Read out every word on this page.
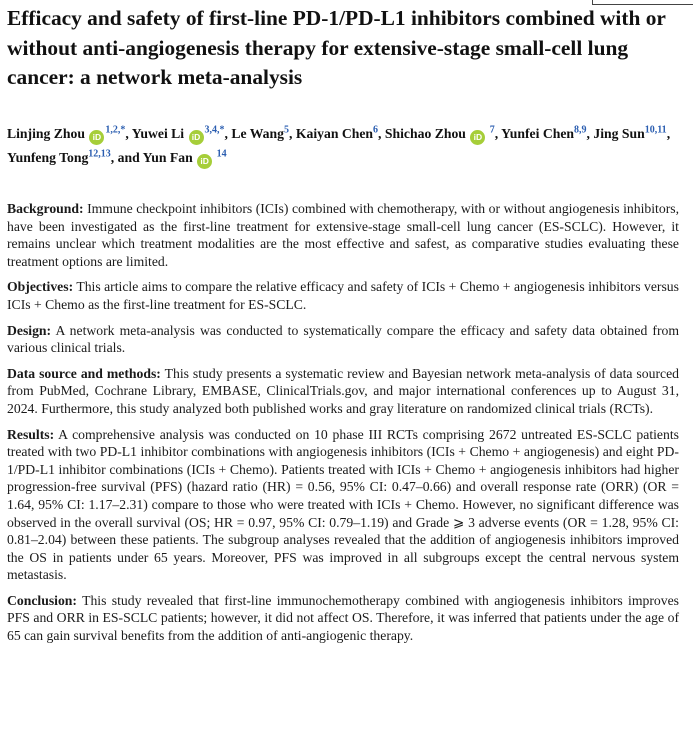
Efficacy and safety of first-line PD-1/PD-L1 inhibitors combined with or without anti-angiogenesis therapy for extensive-stage small-cell lung cancer: a network meta-analysis

Linjing Zhou $iD^{1,2,*}$, Yuwei Li $iD^{3,4,*}$, Le Wang$^5$, Kaiyan Chen$^6$, Shichao Zhou iD $^7$, Yunfei Chen$^{8,9}$, Jing Sun$^{10,11}$, Yunfeng Tong$^{12,13}$, and Yun Fan iD $^{14}$

Background: Immune checkpoint inhibitors (ICIs) combined with chemotherapy, with or without angiogenesis inhibitors, have been investigated as the first-line treatment for extensive-stage small-cell lung cancer (ES-SCLC). However, it remains unclear which treatment modalities are the most effective and safest, as comparative studies evaluating these treatment options are limited.

Objectives: This article aims to compare the relative efficacy and safety of ICIs + Chemo + angiogenesis inhibitors versus ICIs + Chemo as the first-line treatment for ES-SCLC.

Design: A network meta-analysis was conducted to systematically compare the efficacy and safety data obtained from various clinical trials.

Data source and methods: This study presents a systematic review and Bayesian network meta-analysis of data sourced from PubMed, Cochrane Library, EMBASE, ClinicalTrials.gov, and major international conferences up to August 31, 2024. Furthermore, this study analyzed both published works and gray literature on randomized clinical trials (RCTs).

Results: A comprehensive analysis was conducted on 10 phase III RCTs comprising 2672 untreated ES-SCLC patients treated with two PD-L1 inhibitor combinations with angiogenesis inhibitors (ICIs + Chemo + angiogenesis) and eight PD-1/PD-L1 inhibitor combinations (ICIs + Chemo). Patients treated with ICIs + Chemo + angiogenesis inhibitors had higher progression-free survival (PFS) (hazard ratio (HR) = 0.56, 95% CI: 0.47–0.66) and overall response rate (ORR) (OR = 1.64, 95% CI: 1.17–2.31) compare to those who were treated with ICIs + Chemo. However, no significant difference was observed in the overall survival (OS; HR = 0.97, 95% CI: 0.79–1.19) and Grade ⩾ 3 adverse events (OR = 1.28, 95% CI: 0.81–2.04) between these patients. The subgroup analyses revealed that the addition of angiogenesis inhibitors improved the OS in patients under 65 years. Moreover, PFS was improved in all subgroups except the central nervous system metastasis.

Conclusion: This study revealed that first-line immunochemotherapy combined with angiogenesis inhibitors improves PFS and ORR in ES-SCLC patients; however, it did not affect OS. Therefore, it was inferred that patients under the age of 65 can gain survival benefits from the addition of anti-angiogenic therapy.
